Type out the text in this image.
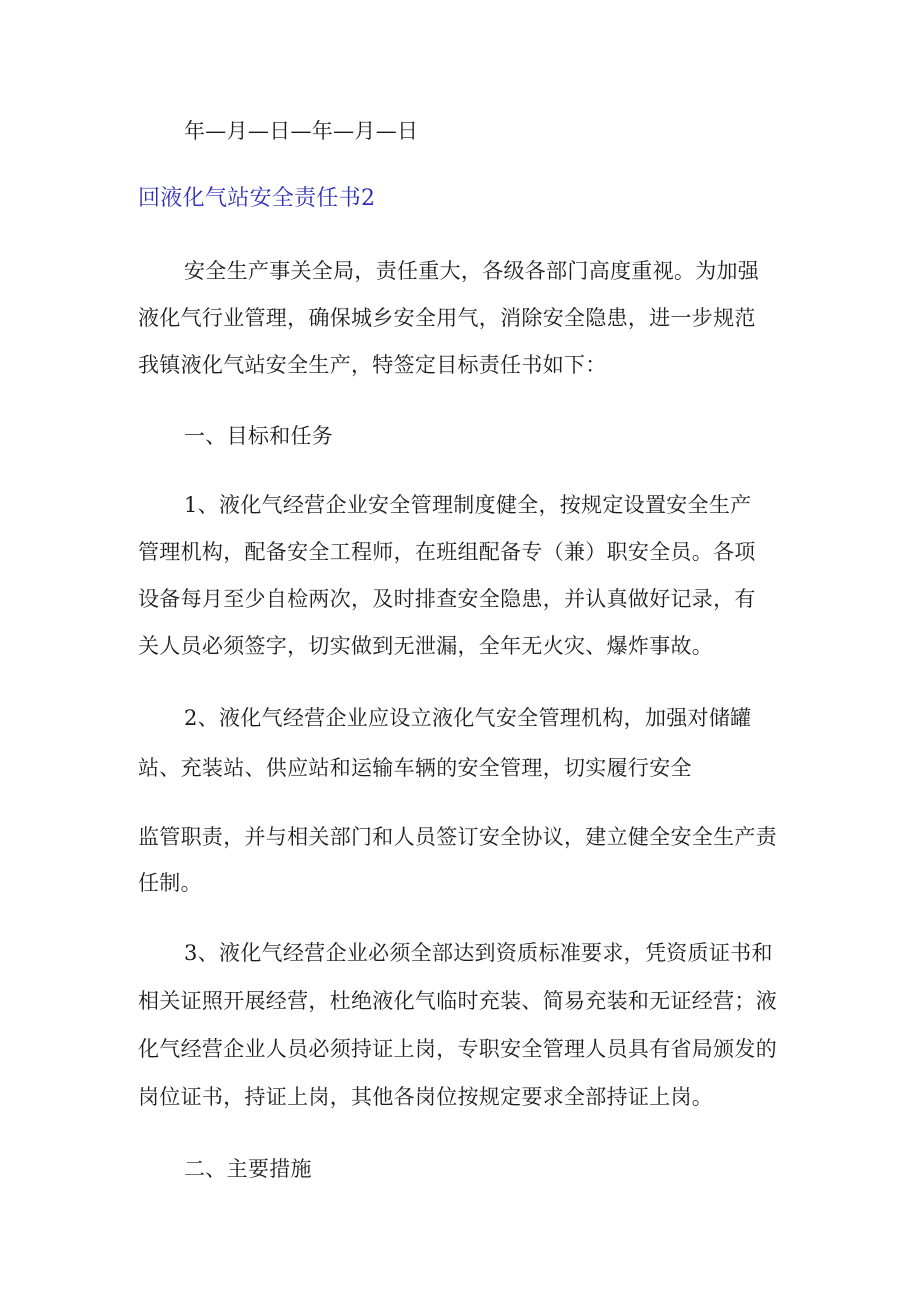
年—月—日—年—月—日
回液化气站安全责任书2
安全生产事关全局，责任重大，各级各部门高度重视。为加强
液化气行业管理，确保城乡安全用气，消除安全隐患，进一步规范
我镇液化气站安全生产，特签定目标责任书如下：
一、目标和任务
1、液化气经营企业安全管理制度健全，按规定设置安全生产
管理机构，配备安全工程师，在班组配备专（兼）职安全员。各项
设备每月至少自检两次，及时排查安全隐患，并认真做好记录，有
关人员必须签字，切实做到无泄漏，全年无火灾、爆炸事故。
2、液化气经营企业应设立液化气安全管理机构，加强对储罐
站、充装站、供应站和运输车辆的安全管理，切实履行安全
监管职责，并与相关部门和人员签订安全协议，建立健全安全生产责
任制。
3、液化气经营企业必须全部达到资质标准要求，凭资质证书和
相关证照开展经营，杜绝液化气临时充装、简易充装和无证经营；液
化气经营企业人员必须持证上岗，专职安全管理人员具有省局颁发的
岗位证书，持证上岗，其他各岗位按规定要求全部持证上岗。
二、主要措施
